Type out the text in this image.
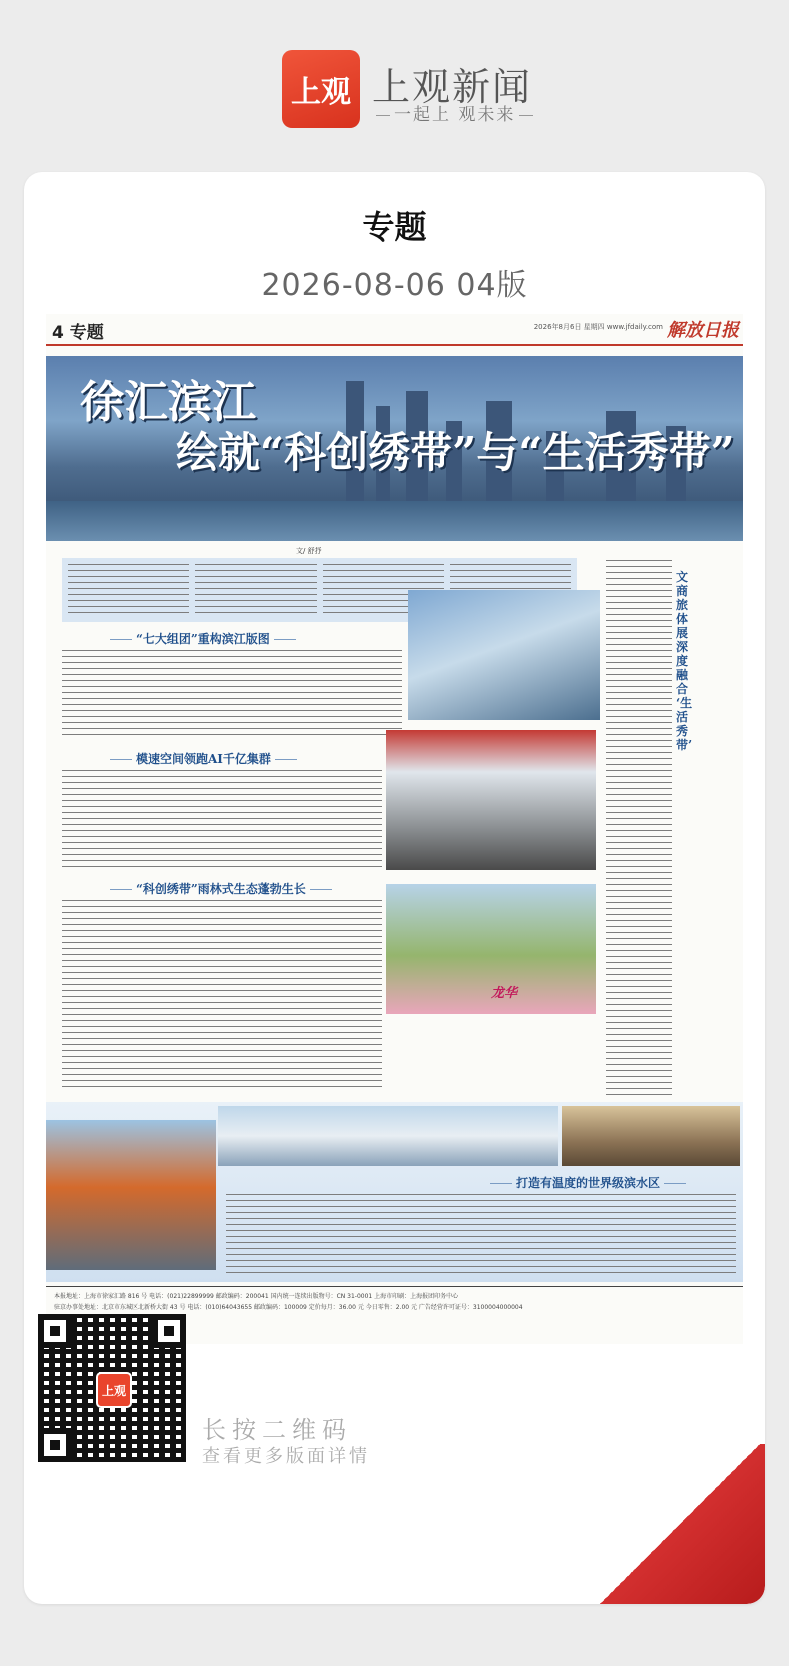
上观 上观新闻
一起上 观未来
专题
2026-08-06 04版
4 专题	2026年8月6日 星期四 www.jfdaily.com 解放日报
徐汇滨江
绘就“科创绣带”与“生活秀带”
文/ 舒抒
文商旅体展深度融合 ‘生活秀带’
“七大组团”重构滨江版图
模速空间领跑AI千亿集群
“科创绣带”雨林式生态蓬勃生长
龙华
打造有温度的世界级滨水区
本报地址：上海市徐家汇路 816 号 电话：(021)22899999 邮政编码：200041 国内统一连续出版物号：CN 31-0001 上海市印刷：上海报团印务中心
驻京办事处地址：北京市东城区北新桥大街 43 号 电话：(010)64043655 邮政编码：100009 定价每月：36.00 元 今日零售：2.00 元 广告经营许可证号：3100004000004
上观
长按二维码
查看更多版面详情
